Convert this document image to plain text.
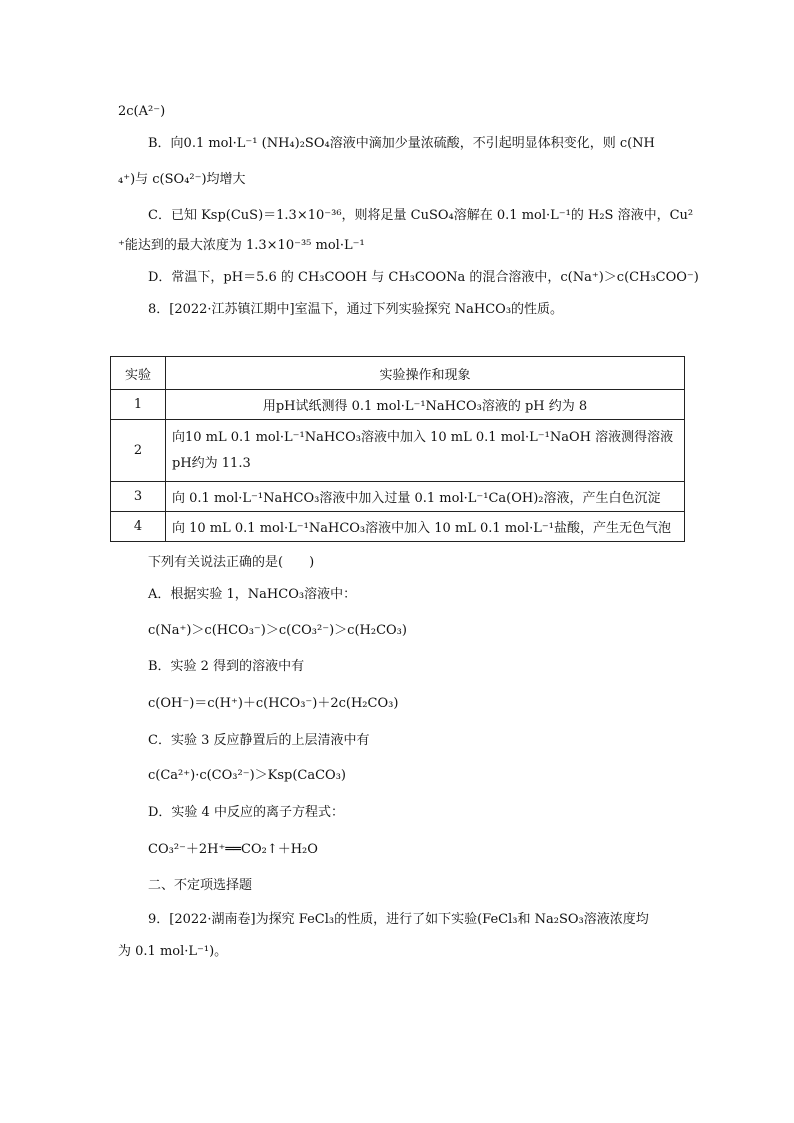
2c(A²⁻)
B．向0.1 mol·L⁻¹ (NH₄)₂SO₄溶液中滴加少量浓硫酸，不引起明显体积变化，则 c(NH
₄⁺)与 c(SO₄²⁻)均增大
C．已知 Ksp(CuS)＝1.3×10⁻³⁶，则将足量 CuSO₄溶解在 0.1 mol·L⁻¹的 H₂S 溶液中，Cu²
⁺能达到的最大浓度为 1.3×10⁻³⁵ mol·L⁻¹
D．常温下，pH＝5.6 的 CH₃COOH 与 CH₃COONa 的混合溶液中，c(Na⁺)＞c(CH₃COO⁻)
8．[2022·江苏镇江期中]室温下，通过下列实验探究 NaHCO₃的性质。
实验	实验操作和现象
1	用pH试纸测得 0.1 mol·L⁻¹NaHCO₃溶液的 pH 约为 8
2	向10 mL 0.1 mol·L⁻¹NaHCO₃溶液中加入 10 mL 0.1 mol·L⁻¹NaOH 溶液测得溶液pH约为 11.3
3	向 0.1 mol·L⁻¹NaHCO₃溶液中加入过量 0.1 mol·L⁻¹Ca(OH)₂溶液，产生白色沉淀
4	向 10 mL 0.1 mol·L⁻¹NaHCO₃溶液中加入 10 mL 0.1 mol·L⁻¹盐酸，产生无色气泡
下列有关说法正确的是(　　)
A．根据实验 1，NaHCO₃溶液中：
c(Na⁺)＞c(HCO₃⁻)＞c(CO₃²⁻)＞c(H₂CO₃)
B．实验 2 得到的溶液中有
c(OH⁻)＝c(H⁺)＋c(HCO₃⁻)＋2c(H₂CO₃)
C．实验 3 反应静置后的上层清液中有
c(Ca²⁺)·c(CO₃²⁻)＞Ksp(CaCO₃)
D．实验 4 中反应的离子方程式：
CO₃²⁻＋2H⁺══CO₂↑＋H₂O
二、不定项选择题
9．[2022·湖南卷]为探究 FeCl₃的性质，进行了如下实验(FeCl₃和 Na₂SO₃溶液浓度均
为 0.1 mol·L⁻¹)。
